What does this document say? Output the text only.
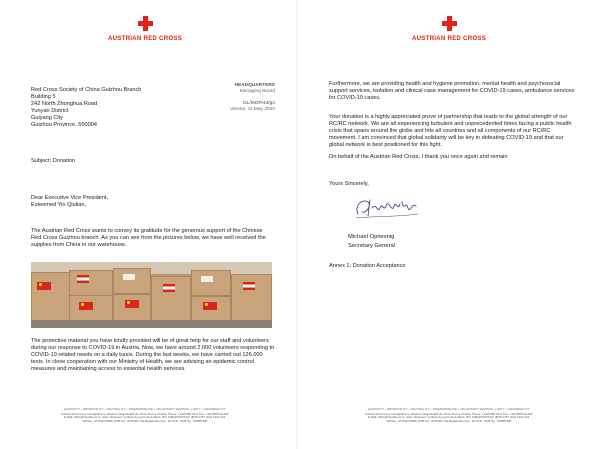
AUSTRIAN RED CROSS
Red Cross Society of China Guizhou Branch
Building 5
242 North Zhonghua Road
Yunyan District
Guiyang City
Guizhou Province, 550004
HEADQUARTERS
Managing Board
GL/MOP/44/go
Vienna, 11 May 2020
Subject: Donation
Dear Executive Vice President,
Esteemed Yin Qiulian,
The Austrian Red Cross wants to convey its gratitude for the generous support of the Chinese Red Cross Guizhou branch. As you can see from the pictures below, we have well received the supplies from China in our warehouse.
The protective material you have kindly provided will be of great help for our staff and volunteers during our response to COVID-19 in Austria. Now, we have around 2.000 volunteers responding to COVID-19 related needs on a daily basis. During the last weeks, we have carried out 126.000 tests. In close cooperation with our Ministry of Health, we are advising an epidemic control measures and maintaining access to essential health services.
HUMANITY • IMPARTIALITY • NEUTRALITY • INDEPENDENCE • VOLUNTARY SERVICE • UNITY • UNIVERSALITY
Austrian Red Cross, Headquarters, Wiedner Hauptstraße 32, 1041 Vienna, Austria, Phone: +43/1/589 00-0, Fax: +43/1/589 00-199,
E-Mail: office@roteskreuz.at, www.roteskreuz.at, Bank Account: Erste Bank, BIC GIBAATWWXXX, IBAN AT57 2011 1400 144,
VAT-No.: ATU16270905, DVR-No.: 0416061, FN-Registration-No.: SO 1131, ZVR-No.: 432857691
AUSTRIAN RED CROSS
Furthermore, we are providing health and hygiene promotion, mental health and psychosocial support services, isolation and clinical case management for COVID-19 cases, ambulance services for COVID-19 cases.
Your donation is a highly appreciated prove of partnership that leads to the global strength of our RC/RC network. We are all experiencing turbulent and unprecedented times facing a public health crisis that spans around the globe and hits all countries and all components of our RC/RC movement. I am convinced that global solidarity will be key in defeating COVID-19 and that our global network is best positioned for this fight.
On behalf of the Austrian Red Cross, I thank you once again and remain
Yours Sincerely,
Michael Opriesnig
Secretary General
Annex 1: Donation Acceptance
HUMANITY • IMPARTIALITY • NEUTRALITY • INDEPENDENCE • VOLUNTARY SERVICE • UNITY • UNIVERSALITY
Austrian Red Cross, Headquarters, Wiedner Hauptstraße 32, 1041 Vienna, Austria, Phone: +43/1/589 00-0, Fax: +43/1/589 00-199,
E-Mail: office@roteskreuz.at, www.roteskreuz.at, Bank Account: Erste Bank, BIC GIBAATWWXXX, IBAN AT57 2011 1400 144,
VAT-No.: ATU16270905, DVR-No.: 0416061, FN-Registration-No.: SO 1131, ZVR-No.: 432857691
